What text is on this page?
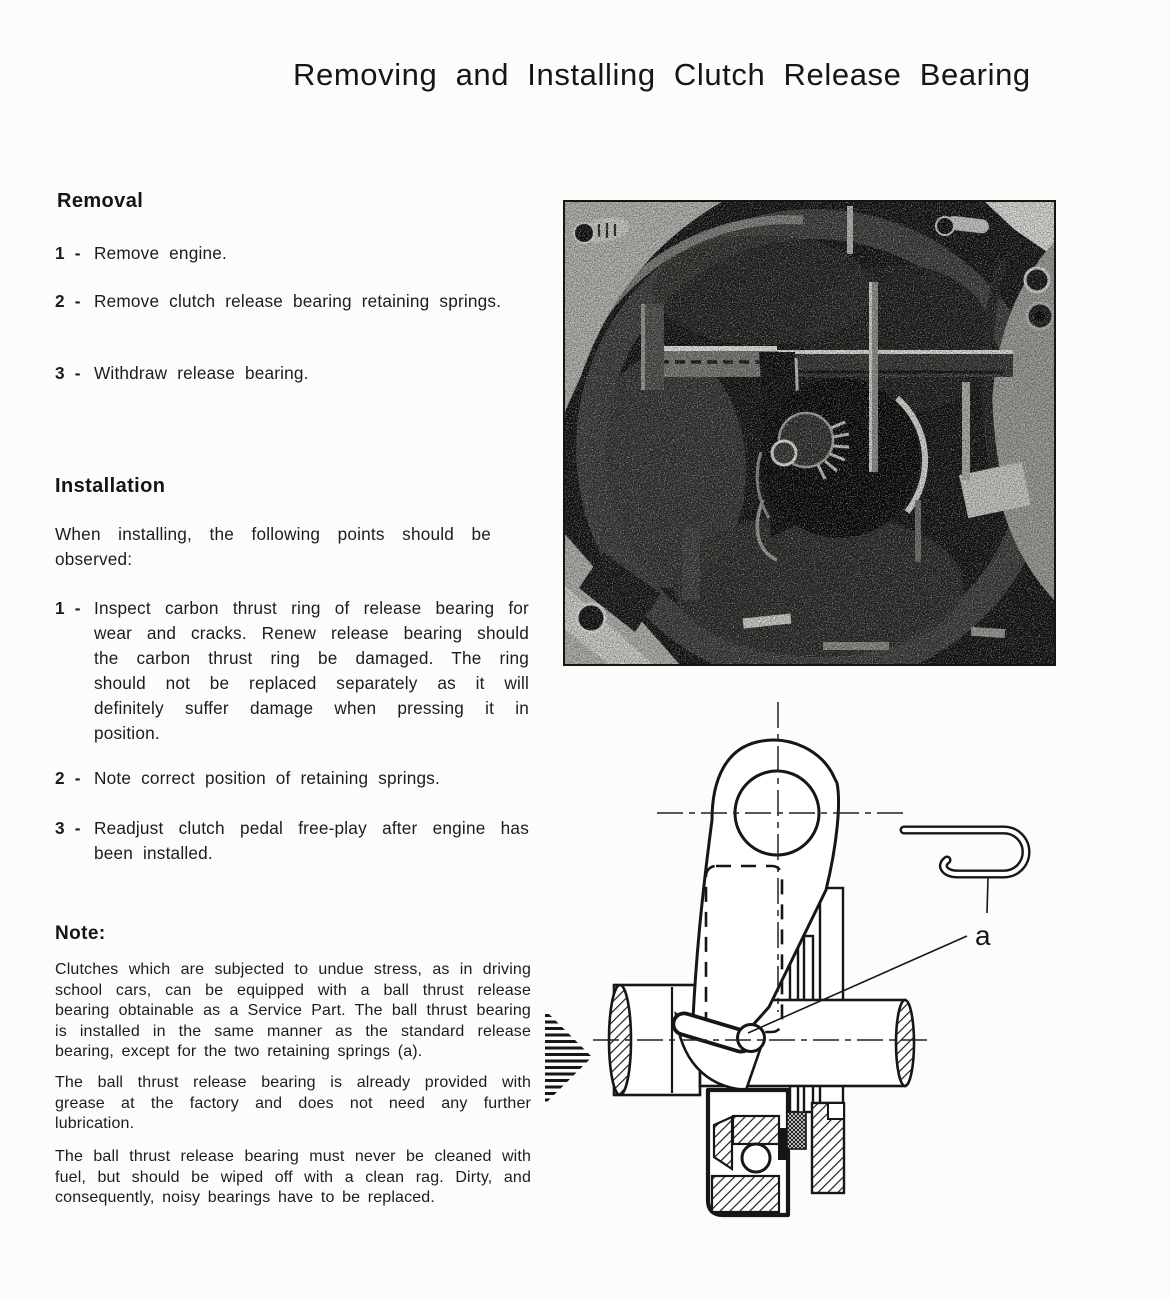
Removing and Installing Clutch Release Bearing
Removal
1 - Remove engine.
2 - Remove clutch release bearing retaining springs.
3 - Withdraw release bearing.
Installation
When installing, the following points should be observed:
1 - Inspect carbon thrust ring of release bearing for wear and cracks. Renew release bearing should the carbon thrust ring be damaged. The ring should not be replaced separately as it will definitely suffer damage when pressing it in position.
2 - Note correct position of retaining springs.
3 - Readjust clutch pedal free-play after engine has been installed.
Note:
Clutches which are subjected to undue stress, as in driving school cars, can be equipped with a ball thrust release bearing obtainable as a Service Part. The ball thrust bearing is installed in the same manner as the standard release bearing, except for the two retaining springs (a).
The ball thrust release bearing is already provided with grease at the factory and does not need any further lubrication.
The ball thrust release bearing must never be cleaned with fuel, but should be wiped off with a clean rag. Dirty, and consequently, noisy bearings have to be replaced.
a
